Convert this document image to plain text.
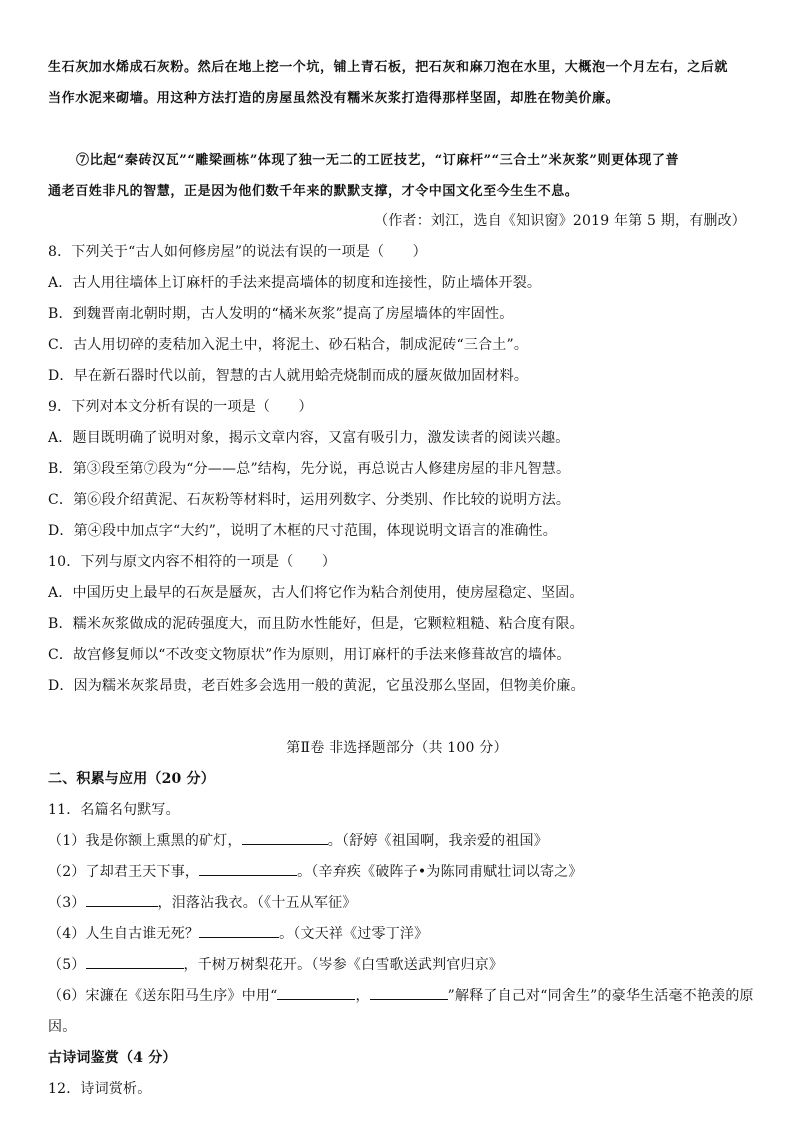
生石灰加水烯成石灰粉。然后在地上挖一个坑，铺上青石板，把石灰和麻刀泡在水里，大概泡一个月左右，之后就
当作水泥来砌墙。用这种方法打造的房屋虽然没有糯米灰浆打造得那样坚固，却胜在物美价廉。
⑦比起“秦砖汉瓦”“雕梁画栋”体现了独一无二的工匠技艺，“订麻杆”“三合土”米灰浆”则更体现了普
通老百姓非凡的智慧，正是因为他们数千年来的默默支撑，才令中国文化至今生生不息。
（作者：刘江，选自《知识窗》2019 年第 5 期，有删改）
8．下列关于“古人如何修房屋”的说法有误的一项是（　　）
A．古人用往墙体上订麻杆的手法来提高墙体的韧度和连接性，防止墙体开裂。
B．到魏晋南北朝时期，古人发明的“橘米灰浆”提高了房屋墙体的牢固性。
C．古人用切碎的麦秸加入泥土中，将泥土、砂石粘合，制成泥砖“三合土”。
D．早在新石器时代以前，智慧的古人就用蛤壳烧制而成的蜃灰做加固材料。
9．下列对本文分析有误的一项是（　　）
A．题目既明确了说明对象，揭示文章内容，又富有吸引力，激发读者的阅读兴趣。
B．第③段至第⑦段为“分——总”结构，先分说，再总说古人修建房屋的非凡智慧。
C．第⑥段介绍黄泥、石灰粉等材料时，运用列数字、分类别、作比较的说明方法。
D．第④段中加点字“大约”，说明了木框的尺寸范围，体现说明文语言的准确性。
10．下列与原文内容不相符的一项是（　　）
A．中国历史上最早的石灰是蜃灰，古人们将它作为粘合剂使用，使房屋稳定、坚固。
B．糯米灰浆做成的泥砖强度大，而且防水性能好，但是，它颗粒粗糙、粘合度有限。
C．故宫修复师以“不改变文物原状”作为原则，用订麻杆的手法来修葺故宫的墙体。
D．因为糯米灰浆昂贵，老百姓多会选用一般的黄泥，它虽没那么坚固，但物美价廉。
第Ⅱ卷 非选择题部分（共 100 分）
二、积累与应用（20 分）
11．名篇名句默写。
（1）我是你额上熏黑的矿灯，	。（舒婷《祖国啊，我亲爱的祖国》
（2）了却君王天下事，	。（辛弃疾《破阵子•为陈同甫赋壮词以寄之》
（3）	，泪落沾我衣。（《十五从军征》
（4）人生自古谁无死？	。（文天祥《过零丁洋》
（5）	，千树万树梨花开。（岑参《白雪歌送武判官归京》
（6）宋濂在《送东阳马生序》中用“	，	”解释了自己对“同舍生”的豪华生活毫不艳羡的原
因。
古诗词鉴赏（4 分）
12．诗词赏析。
